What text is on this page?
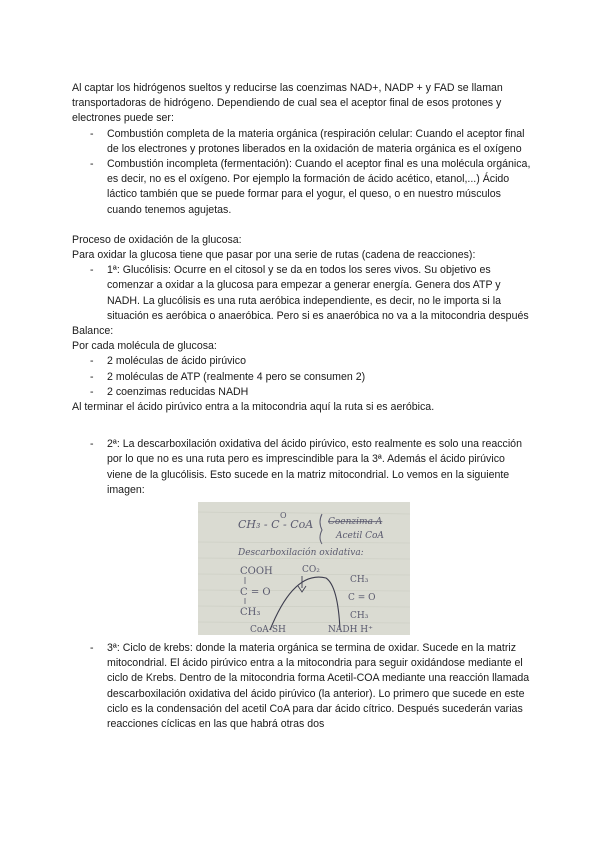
Al captar los hidrógenos sueltos y reducirse las coenzimas NAD+, NADP + y FAD se llaman transportadoras de hidrógeno. Dependiendo de cual sea el aceptor final de esos protones y electrones puede ser:

- Combustión completa de la materia orgánica (respiración celular: Cuando el aceptor final de los electrones y protones liberados en la oxidación de materia orgánica es el oxígeno
- Combustión incompleta (fermentación): Cuando el aceptor final es una molécula orgánica, es decir, no es el oxígeno. Por ejemplo la formación de ácido acético, etanol,...) Ácido láctico también que se puede formar para el yogur, el queso, o en nuestro músculos cuando tenemos agujetas.

Proceso de oxidación de la glucosa:

Para oxidar la glucosa tiene que pasar por una serie de rutas (cadena de reacciones):

- 1ª: Glucólisis: Ocurre en el citosol y se da en todos los seres vivos. Su objetivo es comenzar a oxidar a la glucosa para empezar a generar energía. Genera dos ATP y NADH. La glucólisis es una ruta aeróbica independiente, es decir, no le importa si la situación es aeróbica o anaeróbica. Pero si es anaeróbica no va a la mitocondria después

Balance:

Por cada molécula de glucosa:

- 2 moléculas de ácido pirúvico
- 2 moléculas de ATP (realmente 4 pero se consumen 2)
- 2 coenzimas reducidas NADH

Al terminar el ácido pirúvico entra a la mitocondria aquí la ruta si es aeróbica.

- 2ª: La descarboxilación oxidativa del ácido pirúvico, esto realmente es solo una reacción por lo que no es una ruta pero es imprescindible para la 3ª. Además el ácido pirúvico viene de la glucólisis. Esto sucede en la matriz mitocondrial. Lo vemos en la siguiente imagen:
CH₃ - C - CoA
O
Coenzima A
Acetil CoA
Descarboxilación oxidativa:
COOH
C = O
CH₃
CO₂
CH₃
C = O
CH₃
CoA-SH	NADH H⁺
- 3ª: Ciclo de krebs: donde la materia orgánica se termina de oxidar. Sucede en la matriz mitocondrial. El ácido pirúvico entra a la mitocondria para seguir oxidándose mediante el ciclo de Krebs. Dentro de la mitocondria forma Acetil-COA mediante una reacción llamada descarboxilación oxidativa del ácido pirúvico (la anterior). Lo primero que sucede en este ciclo es la condensación del acetil CoA para dar ácido cítrico. Después sucederán varias reacciones cíclicas en las que habrá otras dos
